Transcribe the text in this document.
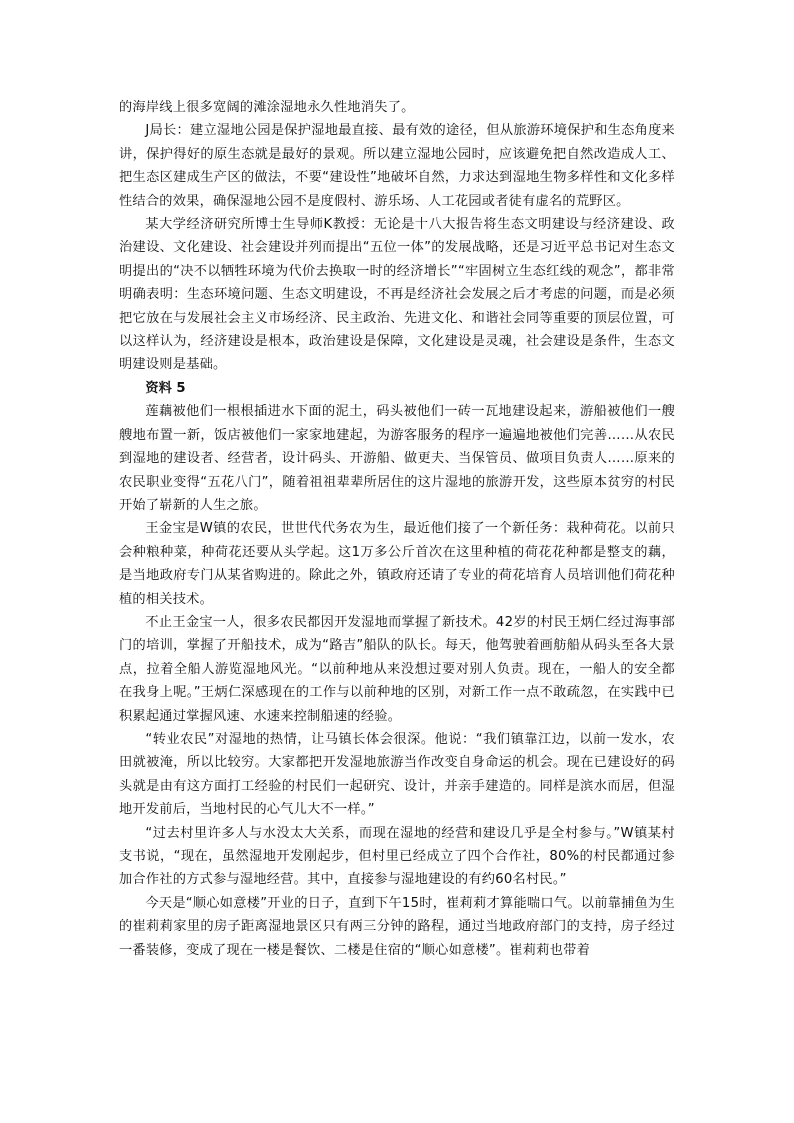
的海岸线上很多宽阔的滩涂湿地永久性地消失了。

J局长：建立湿地公园是保护湿地最直接、最有效的途径，但从旅游环境保护和生态角度来讲，保护得好的原生态就是最好的景观。所以建立湿地公园时，应该避免把自然改造成人工、把生态区建成生产区的做法，不要“建设性”地破坏自然，力求达到湿地生物多样性和文化多样性结合的效果，确保湿地公园不是度假村、游乐场、人工花园或者徒有虚名的荒野区。

某大学经济研究所博士生导师K教授：无论是十八大报告将生态文明建设与经济建设、政治建设、文化建设、社会建设并列而提出“五位一体”的发展战略，还是习近平总书记对生态文明提出的“决不以牺牲环境为代价去换取一时的经济增长”“牢固树立生态红线的观念”，都非常明确表明：生态环境问题、生态文明建设，不再是经济社会发展之后才考虑的问题，而是必须把它放在与发展社会主义市场经济、民主政治、先进文化、和谐社会同等重要的顶层位置，可以这样认为，经济建设是根本，政治建设是保障，文化建设是灵魂，社会建设是条件，生态文明建设则是基础。

资料 5

莲藕被他们一根根插进水下面的泥土，码头被他们一砖一瓦地建设起来，游船被他们一艘艘地布置一新，饭店被他们一家家地建起，为游客服务的程序一遍遍地被他们完善……从农民到湿地的建设者、经营者，设计码头、开游船、做更夫、当保管员、做项目负责人……原来的农民职业变得“五花八门”，随着祖祖辈辈所居住的这片湿地的旅游开发，这些原本贫穷的村民开始了崭新的人生之旅。

王金宝是W镇的农民，世世代代务农为生，最近他们接了一个新任务：栽种荷花。以前只会种粮种菜，种荷花还要从头学起。这1万多公斤首次在这里种植的荷花花种都是整支的藕，是当地政府专门从某省购进的。除此之外，镇政府还请了专业的荷花培育人员培训他们荷花种植的相关技术。

不止王金宝一人，很多农民都因开发湿地而掌握了新技术。42岁的村民王炳仁经过海事部门的培训，掌握了开船技术，成为“路吉”船队的队长。每天，他驾驶着画舫船从码头至各大景点，拉着全船人游览湿地风光。“以前种地从来没想过要对别人负责。现在，一船人的安全都在我身上呢。”王炳仁深感现在的工作与以前种地的区别，对新工作一点不敢疏忽，在实践中已积累起通过掌握风速、水速来控制船速的经验。

“转业农民”对湿地的热情，让马镇长体会很深。他说：“我们镇靠江边，以前一发水，农田就被淹，所以比较穷。大家都把开发湿地旅游当作改变自身命运的机会。现在已建设好的码头就是由有这方面打工经验的村民们一起研究、设计，并亲手建造的。同样是滨水而居，但湿地开发前后，当地村民的心气儿大不一样。”

“过去村里许多人与水没太大关系，而现在湿地的经营和建设几乎是全村参与。”W镇某村支书说，“现在，虽然湿地开发刚起步，但村里已经成立了四个合作社，80%的村民都通过参加合作社的方式参与湿地经营。其中，直接参与湿地建设的有约60名村民。”

今天是“顺心如意楼”开业的日子，直到下午15时，崔莉莉才算能喘口气。以前靠捕鱼为生的崔莉莉家里的房子距离湿地景区只有两三分钟的路程，通过当地政府部门的支持，房子经过一番装修，变成了现在一楼是餐饮、二楼是住宿的“顺心如意楼”。崔莉莉也带着
